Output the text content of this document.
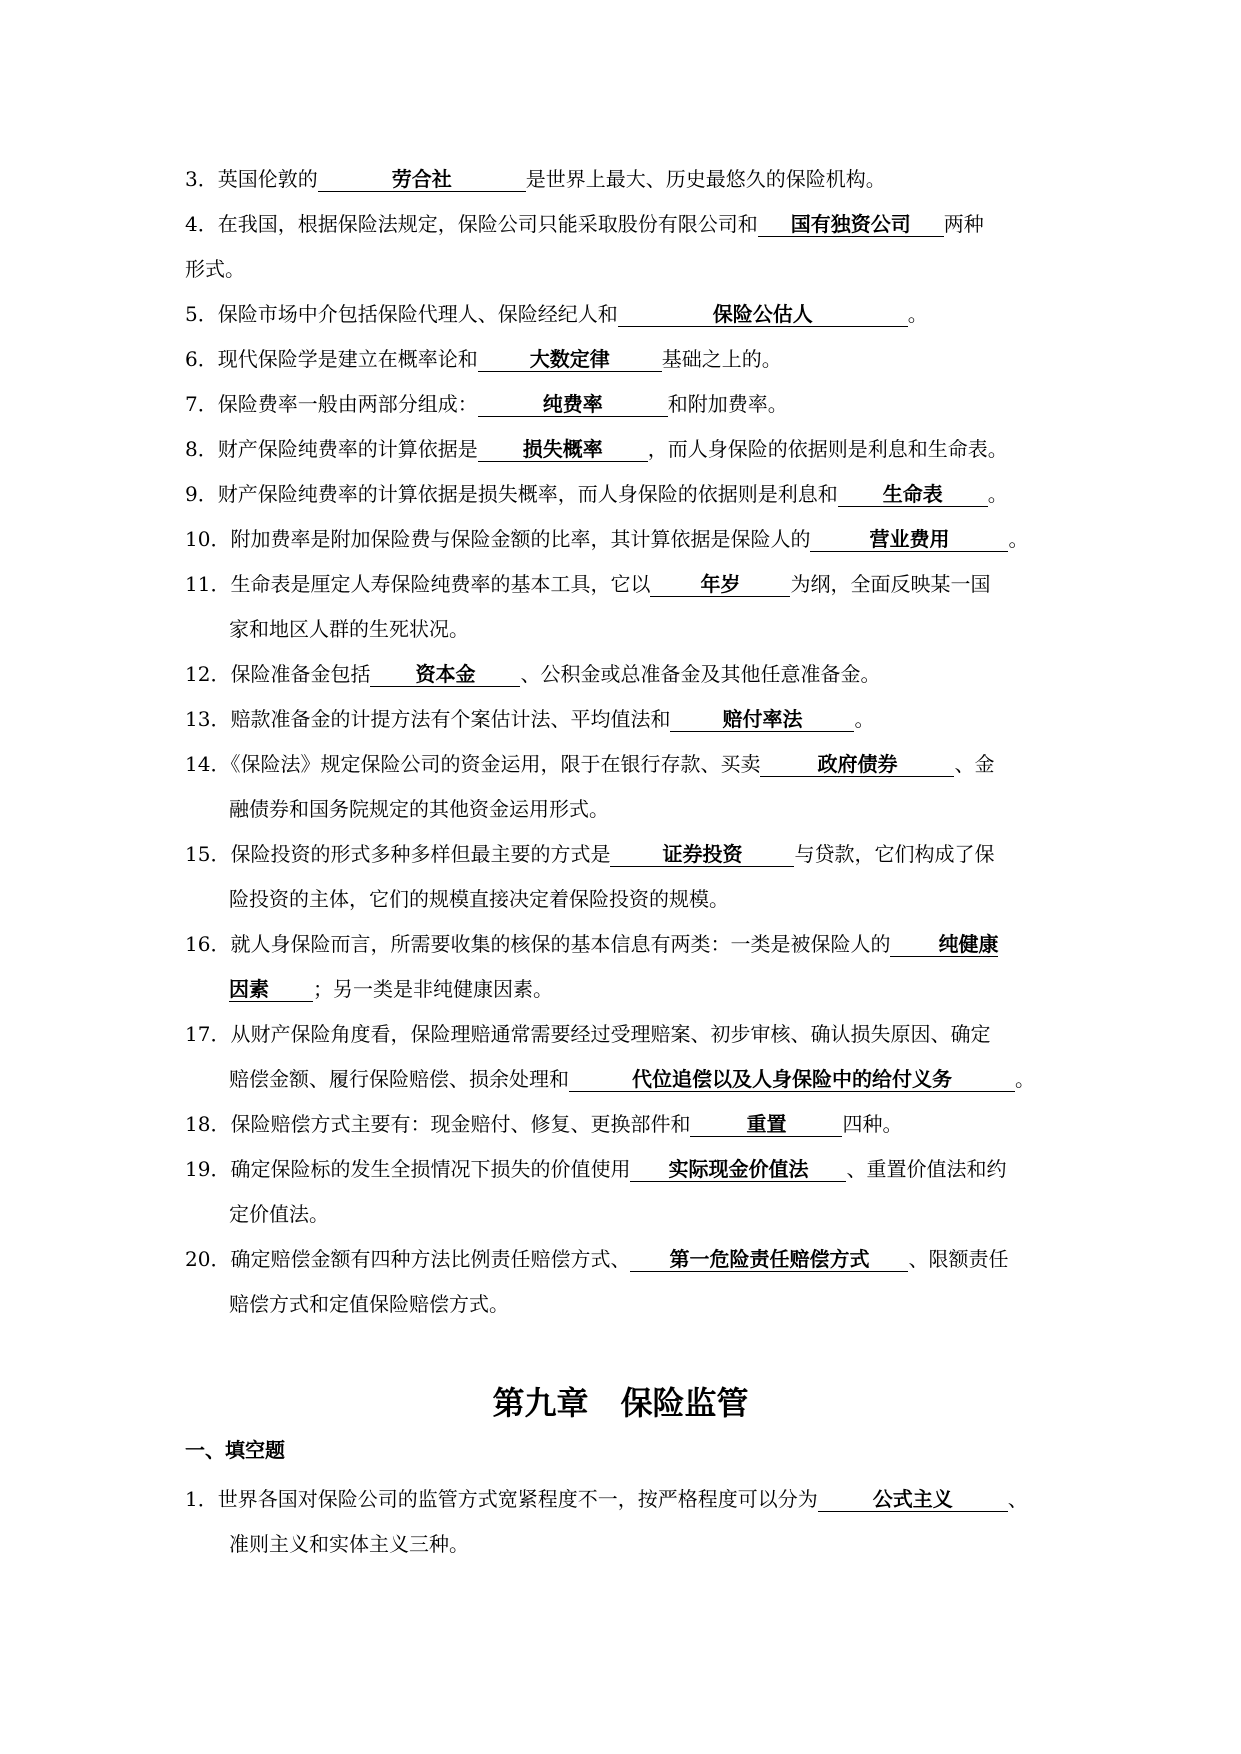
3．英国伦敦的	劳合社	是世界上最大、历史最悠久的保险机构。
4．在我国，根据保险法规定，保险公司只能采取股份有限公司和 国有独资公司 两种
形式。
5．保险市场中介包括保险代理人、保险经纪人和	保险公估人	。
6．现代保险学是建立在概率论和	大数定律	基础之上的。
7．保险费率一般由两部分组成：	纯费率	和附加费率。
8．财产保险纯费率的计算依据是 损失概率 ，而人身保险的依据则是利息和生命表。
9．财产保险纯费率的计算依据是损失概率，而人身保险的依据则是利息和 生命表 。
10．附加费率是附加保险费与保险金额的比率，其计算依据是保险人的	营业费用	。
11．生命表是厘定人寿保险纯费率的基本工具，它以	年岁	为纲，全面反映某一国
家和地区人群的生死状况。
12．保险准备金包括 资本金 、公积金或总准备金及其他任意准备金。
13．赔款准备金的计提方法有个案估计法、平均值法和	赔付率法	。
14．《保险法》规定保险公司的资金运用，限于在银行存款、买卖	政府债券	、金
融债券和国务院规定的其他资金运用形式。
15．保险投资的形式多种多样但最主要的方式是	证券投资	与贷款，它们构成了保
险投资的主体，它们的规模直接决定着保险投资的规模。
16．就人身保险而言，所需要收集的核保的基本信息有两类：一类是被保险人的 纯健康
因素 ；另一类是非纯健康因素。
17．从财产保险角度看，保险理赔通常需要经过受理赔案、初步审核、确认损失原因、确定
赔偿金额、履行保险赔偿、损余处理和	代位追偿以及人身保险中的给付义务	。
18．保险赔偿方式主要有：现金赔付、修复、更换部件和	重置	四种。
19．确定保险标的发生全损情况下损失的价值使用 实际现金价值法 、重置价值法和约
定价值法。
20．确定赔偿金额有四种方法比例责任赔偿方式、 第一危险责任赔偿方式 、限额责任
赔偿方式和定值保险赔偿方式。
第九章　保险监管
一、填空题
1．世界各国对保险公司的监管方式宽紧程度不一，按严格程度可以分为	公式主义	、
准则主义和实体主义三种。
